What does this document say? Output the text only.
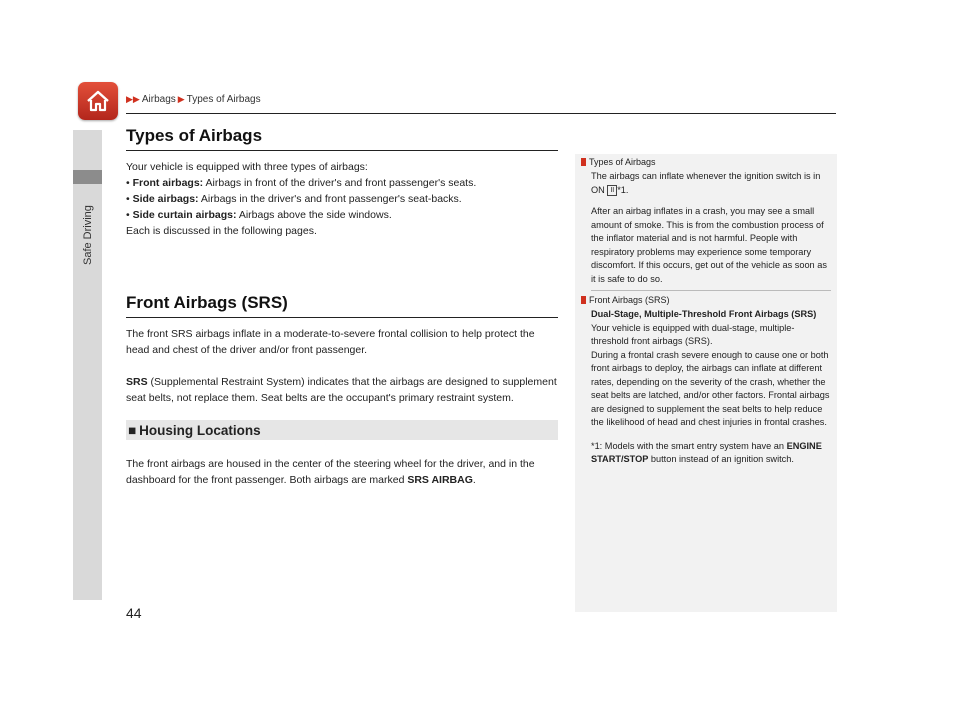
Safe Driving
▶▶ Airbags ▶ Types of Airbags
Types of Airbags

Your vehicle is equipped with three types of airbags:

• Front airbags: Airbags in front of the driver's and front passenger's seats.

• Side airbags: Airbags in the driver's and front passenger's seat-backs.

• Side curtain airbags: Airbags above the side windows.

Each is discussed in the following pages.

Front Airbags (SRS)

The front SRS airbags inflate in a moderate-to-severe frontal collision to help protect the head and chest of the driver and/or front passenger.

SRS (Supplemental Restraint System) indicates that the airbags are designed to supplement seat belts, not replace them. Seat belts are the occupant's primary restraint system.

■ Housing Locations

The front airbags are housed in the center of the steering wheel for the driver, and in the dashboard for the front passenger. Both airbags are marked SRS AIRBAG.

Types of Airbags

The airbags can inflate whenever the ignition switch is in ON II *1.

After an airbag inflates in a crash, you may see a small amount of smoke. This is from the combustion process of the inflator material and is not harmful. People with respiratory problems may experience some temporary discomfort. If this occurs, get out of the vehicle as soon as it is safe to do so.

Front Airbags (SRS)

Dual-Stage, Multiple-Threshold Front Airbags (SRS)

Your vehicle is equipped with dual-stage, multiple-threshold front airbags (SRS).

During a frontal crash severe enough to cause one or both front airbags to deploy, the airbags can inflate at different rates, depending on the severity of the crash, whether the seat belts are latched, and/or other factors. Frontal airbags are designed to supplement the seat belts to help reduce the likelihood of head and chest injuries in frontal crashes.

*1: Models with the smart entry system have an ENGINE START/STOP button instead of an ignition switch.

44
